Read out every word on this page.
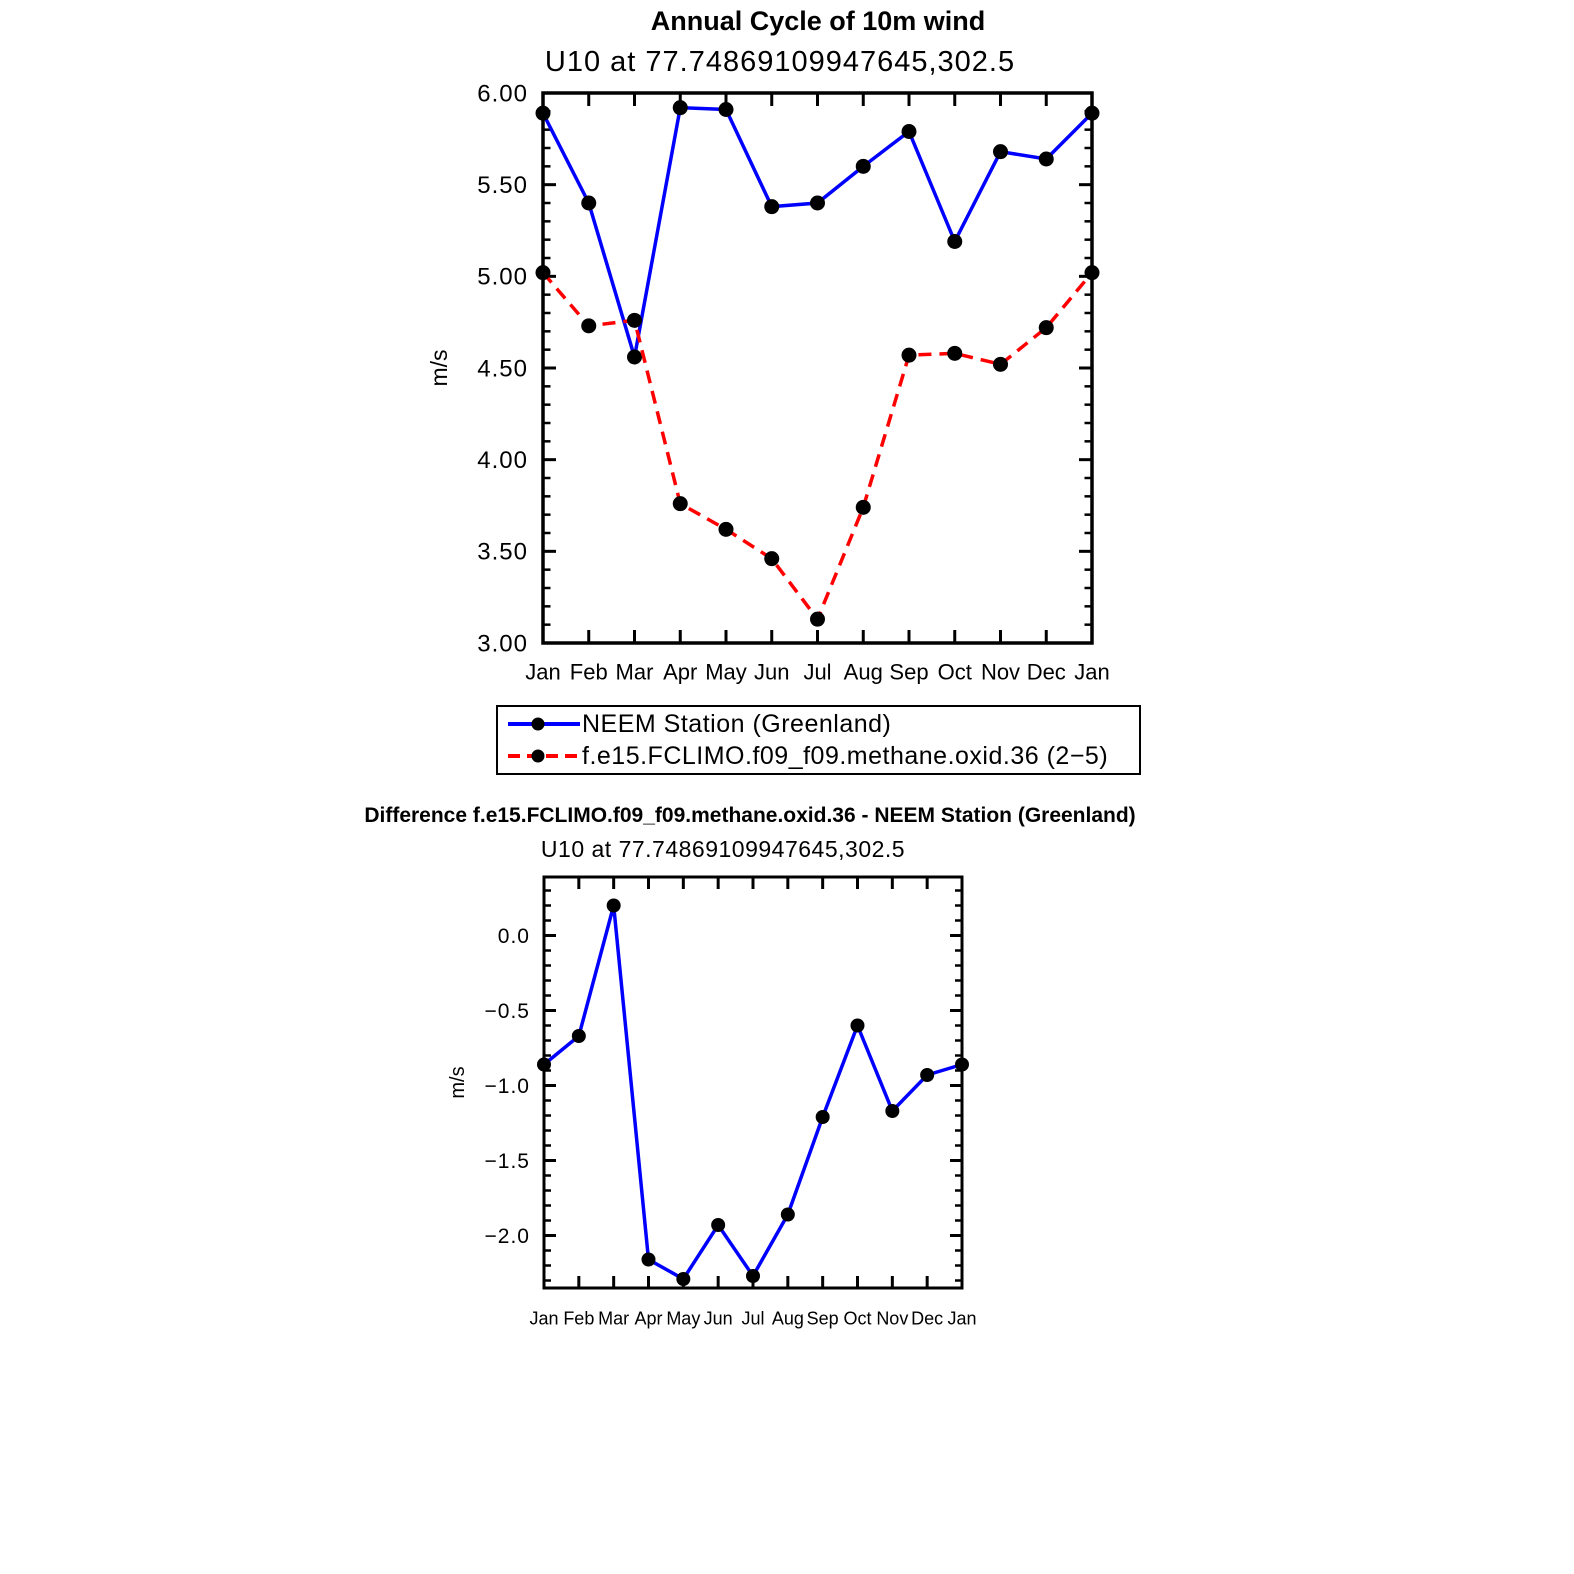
Annual Cycle of 10m wind
U10 at 77.74869109947645,302.5
6.00
5.50
5.00
4.50
4.00
3.50
3.00
Jan Feb Mar Apr May Jun Jul Aug Sep Oct Nov Dec Jan
m/s
0.0
−0.5
−1.0
−1.5
−2.0
Jan Feb Mar Apr May Jun Jul Aug Sep Oct Nov Dec Jan
m/s
NEEM Station (Greenland)
f.e15.FCLIMO.f09_f09.methane.oxid.36 (2−5)
Difference f.e15.FCLIMO.f09_f09.methane.oxid.36 - NEEM Station (Greenland)
U10 at 77.74869109947645,302.5
